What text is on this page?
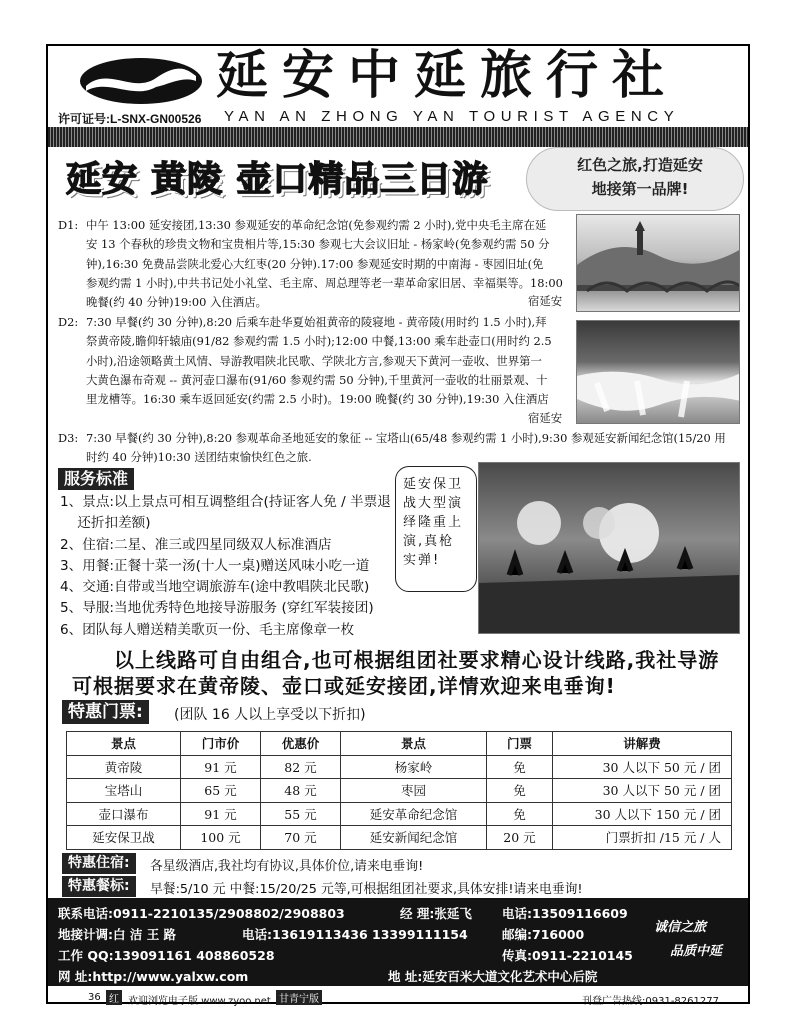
延安中延旅行社
许可证号:L-SNX-GN00526 YAN AN ZHONG YAN TOURIST AGENCY
延安 黄陵 壶口精品三日游	红色之旅,打造延安
地接第一品牌!
D1: 中午 13:00 延安接团,13:30 参观延安的革命纪念馆(免参观约需 2 小时),党中央毛主席在延
安 13 个春秋的珍贵文物和宝贵相片等,15:30 参观七大会议旧址 - 杨家岭(免参观约需 50 分
钟),16:30 免费品尝陕北爱心大红枣(20 分钟).17:00 参观延安时期的中南海 - 枣园旧址(免
参观约需 1 小时),中共书记处小礼堂、毛主席、周总理等老一辈革命家旧居、幸福渠等。18:00
晚餐(约 40 分钟)19:00 入住酒店。	宿延安
D2: 7:30 早餐(约 30 分钟),8:20 后乘车赴华夏始祖黄帝的陵寝地 - 黄帝陵(用时约 1.5 小时),拜
祭黄帝陵,瞻仰轩辕庙(91/82 参观约需 1.5 小时);12:00 中餐,13:00 乘车赴壶口(用时约 2.5
小时),沿途领略黄土风情、导游教唱陕北民歌、学陕北方言,参观天下黄河一壶收、世界第一
大黄色瀑布奇观 -- 黄河壶口瀑布(91/60 参观约需 50 分钟),千里黄河一壶收的壮丽景观、十
里龙槽等。16:30 乘车返回延安(约需 2.5 小时)。19:00 晚餐(约 30 分钟),19:30 入住酒店
宿延安
D3: 7:30 早餐(约 30 分钟),8:20 参观革命圣地延安的象征 -- 宝塔山(65/48 参观约需 1 小时),9:30 参观延安新闻纪念馆(15/20 用
时约 40 分钟)10:30 送团结束愉快红色之旅.
服务标准
1、景点:以上景点可相互调整组合(持证客人免 / 半票退
还折扣差额)
2、住宿:二星、准三或四星同级双人标准酒店
3、用餐:正餐十菜一汤(十人一桌)赠送风味小吃一道
4、交通:自带或当地空调旅游车(途中教唱陕北民歌)
5、导服:当地优秀特色地接导游服务 (穿红军装接团)
6、团队每人赠送精美歌页一份、毛主席像章一枚
延安保卫战大型演绎隆重上演,真枪实弹!
以上线路可自由组合,也可根据组团社要求精心设计线路,我社导游
可根据要求在黄帝陵、壶口或延安接团,详情欢迎来电垂询!
特惠门票:	(团队 16 人以上享受以下折扣)
景点	门市价	优惠价	景点	门票	讲解费
黄帝陵	91 元	82 元	杨家岭	免	30 人以下 50 元 / 团
宝塔山	65 元	48 元	枣园	免	30 人以下 50 元 / 团
壶口瀑布	91 元	55 元	延安革命纪念馆	免	30 人以下 150 元 / 团
延安保卫战	100 元	70 元	延安新闻纪念馆	20 元	门票折扣 /15 元 / 人
特惠住宿:	各星级酒店,我社均有协议,具体价位,请来电垂询!
特惠餐标:	早餐:5/10 元 中餐:15/20/25 元等,可根据组团社要求,具体安排!请来电垂询!
联系电话:0911-2210135/2908802/2908803	经 理:张延飞 电话:13509116609
地接计调:白 洁 王 路	电话:13619113436 13399111154	邮编:716000
工作 QQ:139091161 408860528	传真:0911-2210145
网 址:http://www.yalxw.com	地 址:延安百米大道文化艺术中心后院
诚信之旅
品质中延
36 红 欢迎浏览电子版 www.zyoo.net 甘青宁版	刊登广告热线:0931-8261277
